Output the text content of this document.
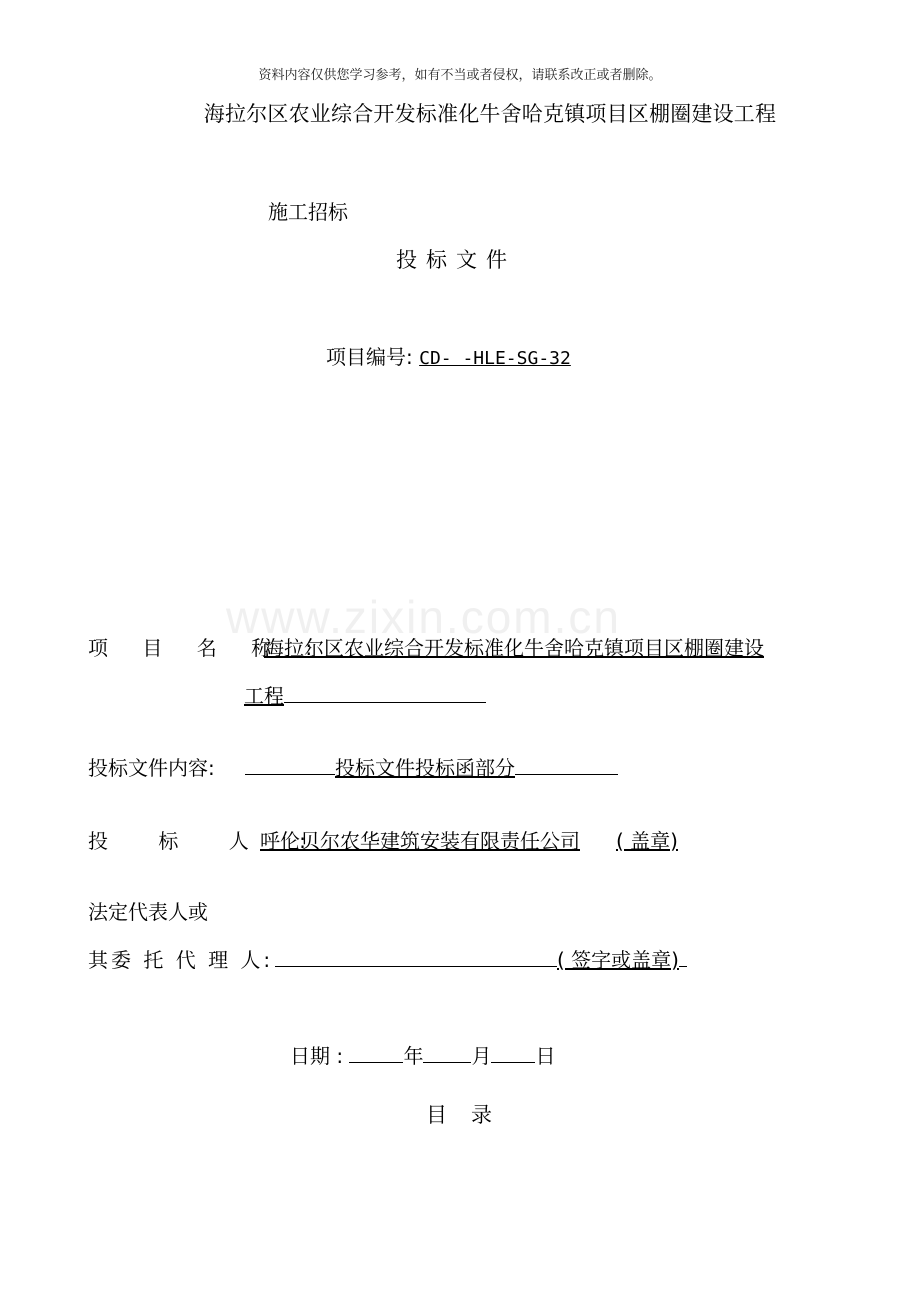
资料内容仅供您学习参考，如有不当或者侵权，请联系改正或者删除。
海拉尔区农业综合开发标准化牛舍哈克镇项目区棚圈建设工程
施工招标
投标文件
项目编号: CD- -HLE-SG-32
www.zixin.com.cn
项 目 名 称 :
海拉尔区农业综合开发标准化牛舍哈克镇项目区棚圈建设
工程
投标文件内容:	投标文件投标函部分
投 标 人 :
呼伦贝尔农华建筑安装有限责任公司 ( 盖章)
法定代表人或
其委 托 代 理 人:	( 签字或盖章)
日期 :	年 月 日
目录
